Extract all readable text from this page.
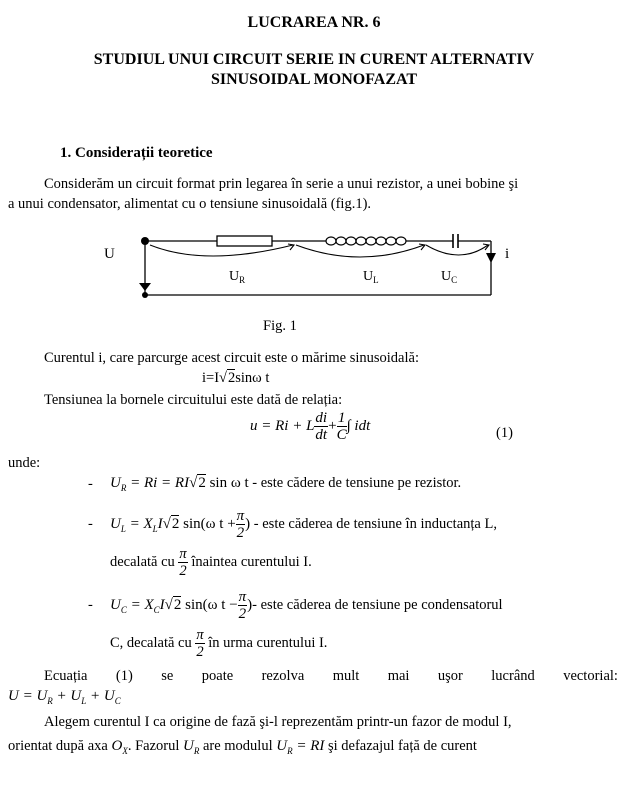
LUCRAREA NR. 6
STUDIUL UNUI CIRCUIT SERIE IN CURENT ALTERNATIV
SINUSOIDAL MONOFAZAT
1. Considerații teoretice
Considerăm un circuit format prin legarea în serie a unui rezistor, a unei bobine şi
a unui condensator, alimentat cu o tensiune sinusoidală (fig.1).
U	i
$U_R$	$U_L$	$U_C$
Fig. 1
Curentul i, care parcurge acest circuit este o mărime sinusoidală:
i=I√2sinω t
Tensiunea la bornele circuitului este dată de relația:
u = Ri + L $\frac{di}{dt} + \frac{1}{C}$ ∫ idt	(1)
unde:
- $U_R = Ri = RI√2$ sin ω t - este cădere de tensiune pe rezistor.
- $U_L = X_LI√2$ sin(ω $t + \frac{\pi}{2}$ ) - este căderea de tensiune în inductanța L,
decalată cu $\frac{\pi}{2}$ înaintea curentului I.
- $U_C = X_CI√2$ sin(ω $t - \frac{\pi}{2}$ )- este căderea de tensiune pe condensatorul
C, decalată cu $\frac{\pi}{2}$ în urma curentului I.
Ecuația (1) se poate rezolva mult mai uşor lucrând vectorial:
$U = U_R + U_L + U_C$
Alegem curentul I ca origine de fază şi-l reprezentăm printr-un fazor de modul I,
orientat după axa $O_X$. Fazorul $U_R$ are modulul $U_R$ = RI şi defazajul față de curent
